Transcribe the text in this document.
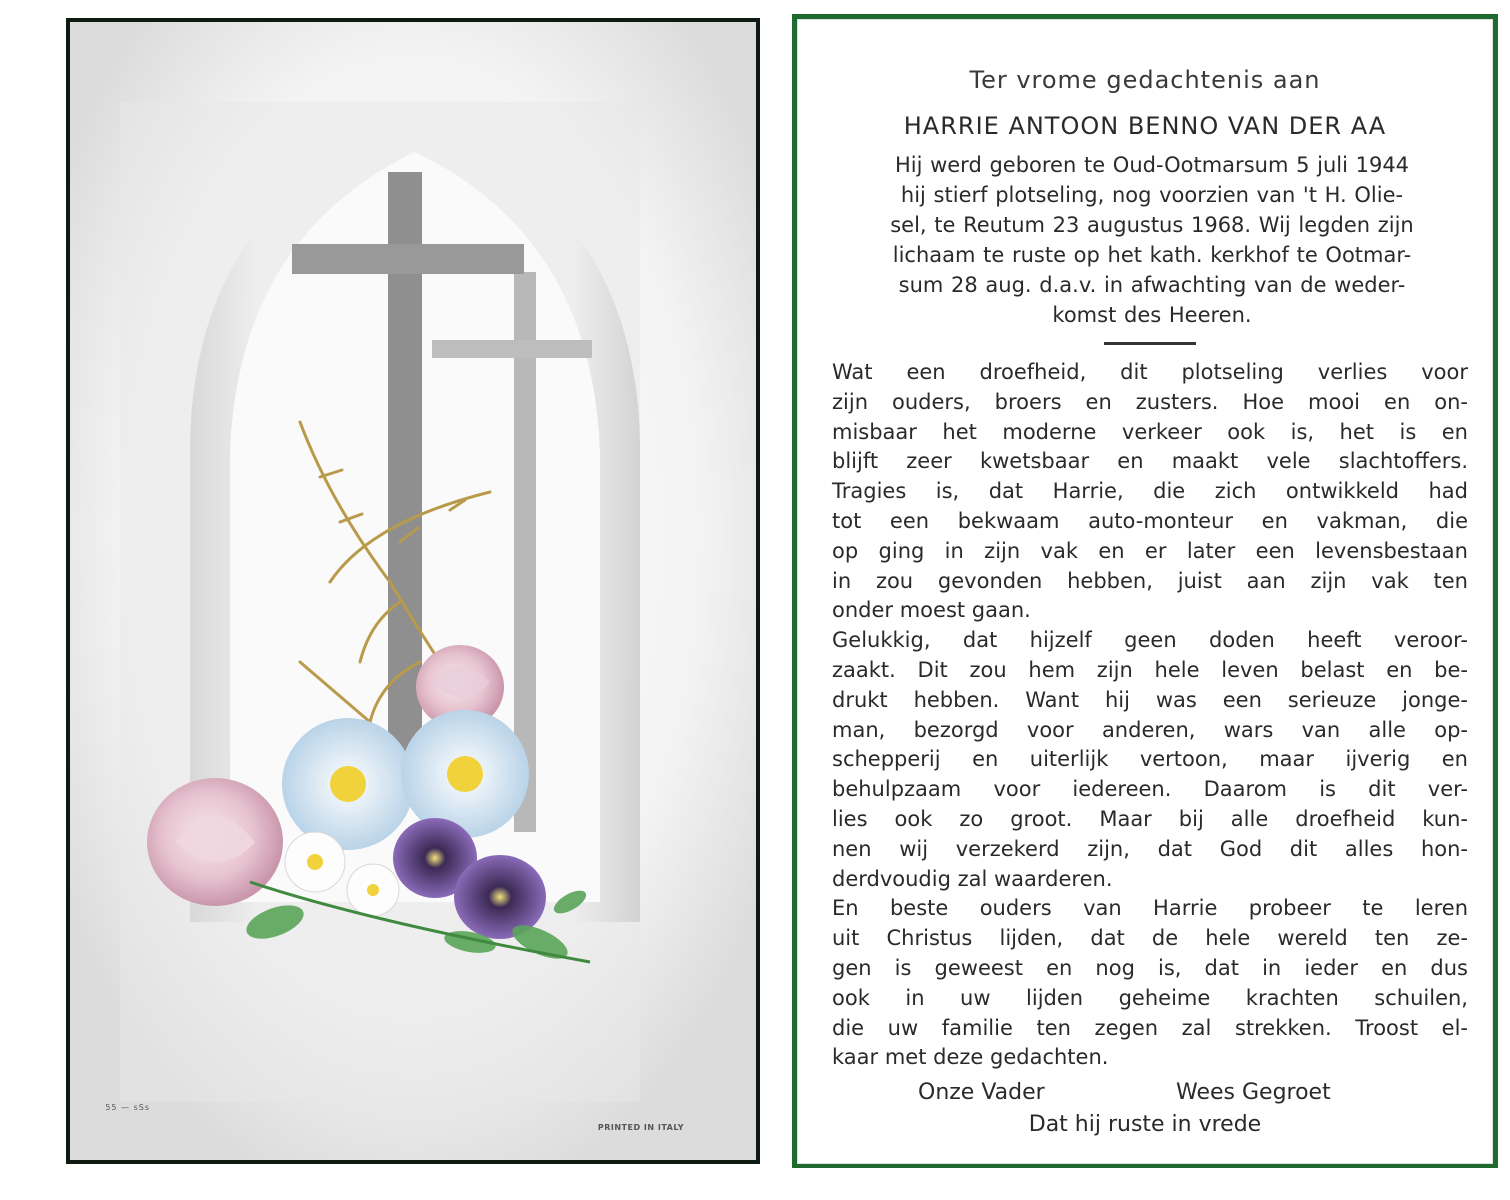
55 — sSs
PRINTED IN ITALY
Ter vrome gedachtenis aan
HARRIE ANTOON BENNO VAN DER AA

Hij werd geboren te Oud-Ootmarsum 5 juli 1944
hij stierf plotseling, nog voorzien van 't H. Olie-
sel, te Reutum 23 augustus 1968. Wij legden zijn
lichaam te ruste op het kath. kerkhof te Ootmar-
sum 28 aug. d.a.v. in afwachting van de weder-
komst des Heeren.

Wat een droefheid, dit plotseling verlies voor
zijn ouders, broers en zusters. Hoe mooi en on-
misbaar het moderne verkeer ook is, het is en
blijft zeer kwetsbaar en maakt vele slachtoffers.
Tragies is, dat Harrie, die zich ontwikkeld had
tot een bekwaam auto-monteur en vakman, die
op ging in zijn vak en er later een levensbestaan
in zou gevonden hebben, juist aan zijn vak ten
onder moest gaan.
Gelukkig, dat hijzelf geen doden heeft veroor-
zaakt. Dit zou hem zijn hele leven belast en be-
drukt hebben. Want hij was een serieuze jonge-
man, bezorgd voor anderen, wars van alle op-
schepperij en uiterlijk vertoon, maar ijverig en
behulpzaam voor iedereen. Daarom is dit ver-
lies ook zo groot. Maar bij alle droefheid kun-
nen wij verzekerd zijn, dat God dit alles hon-
derdvoudig zal waarderen.
En beste ouders van Harrie probeer te leren
uit Christus lijden, dat de hele wereld ten ze-
gen is geweest en nog is, dat in ieder en dus
ook in uw lijden geheime krachten schuilen,
die uw familie ten zegen zal strekken. Troost el-
kaar met deze gedachten.

Onze Vader	Wees Gegroet
Dat hij ruste in vrede
